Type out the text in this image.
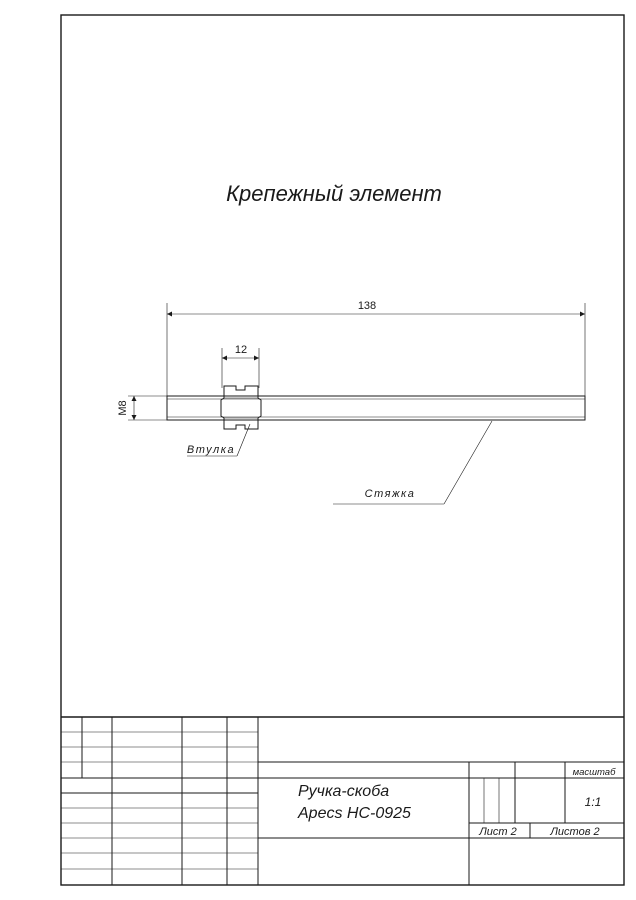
Крепежный элемент
138
12
M8
Втулка
Стяжка
Ручка-скоба
Apecs HC-0925
масштаб
1:1
Лист 2	Листов 2
